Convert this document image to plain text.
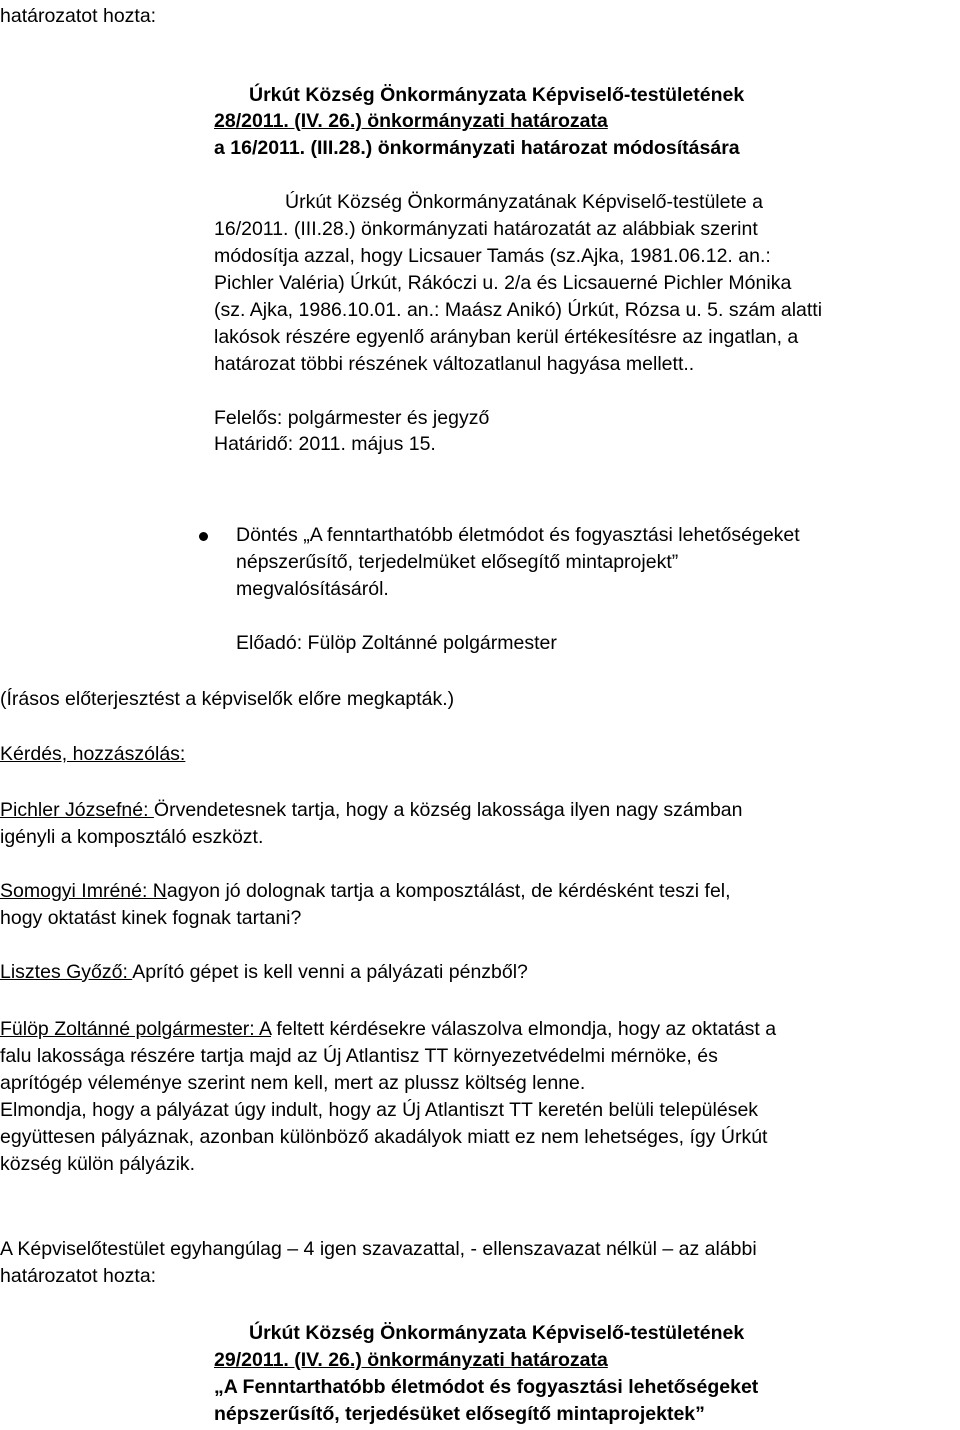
határozatot hozta:
Úrkút Község Önkormányzata Képviselő-testületének
28/2011. (IV. 26.) önkormányzati határozata
a 16/2011. (III.28.) önkormányzati határozat módosítására
Úrkút Község Önkormányzatának Képviselő-testülete a
16/2011. (III.28.) önkormányzati határozatát az alábbiak szerint
módosítja azzal, hogy Licsauer Tamás (sz.Ajka, 1981.06.12. an.:
Pichler Valéria) Úrkút, Rákóczi u. 2/a és Licsauerné Pichler Mónika
(sz. Ajka, 1986.10.01. an.: Maász Anikó) Úrkút, Rózsa u. 5. szám alatti
lakósok részére egyenlő arányban kerül értékesítésre az ingatlan, a
határozat többi részének változatlanul hagyása mellett..
Felelős: polgármester és jegyző
Határidő: 2011. május 15.
Döntés „A fenntarthatóbb életmódot és fogyasztási lehetőségeket
népszerűsítő, terjedelmüket elősegítő mintaprojekt”
megvalósításáról.
Előadó: Fülöp Zoltánné polgármester
(Írásos előterjesztést a képviselők előre megkapták.)
Kérdés, hozzászólás:
Pichler Józsefné: Örvendetesnek tartja, hogy a község lakossága ilyen nagy számban
igényli a komposztáló eszközt.
Somogyi Imréné: Nagyon jó dolognak tartja a komposztálást, de kérdésként teszi fel,
hogy oktatást kinek fognak tartani?
Lisztes Győző: Aprító gépet is kell venni a pályázati pénzből?
Fülöp Zoltánné polgármester: A feltett kérdésekre válaszolva elmondja, hogy az oktatást a
falu lakossága részére tartja majd az Új Atlantisz TT környezetvédelmi mérnöke, és
aprítógép véleménye szerint nem kell, mert az plussz költség lenne.
Elmondja, hogy a pályázat úgy indult, hogy az Új Atlantiszt TT keretén belüli települések
együttesen pályáznak, azonban különböző akadályok miatt ez nem lehetséges, így Úrkút
község külön pályázik.
A Képviselőtestület egyhangúlag – 4 igen szavazattal, - ellenszavazat nélkül – az alábbi
határozatot hozta:
Úrkút Község Önkormányzata Képviselő-testületének
29/2011. (IV. 26.) önkormányzati határozata
„A Fenntarthatóbb életmódot és fogyasztási lehetőségeket
népszerűsítő, terjedésüket elősegítő mintaprojektek”
